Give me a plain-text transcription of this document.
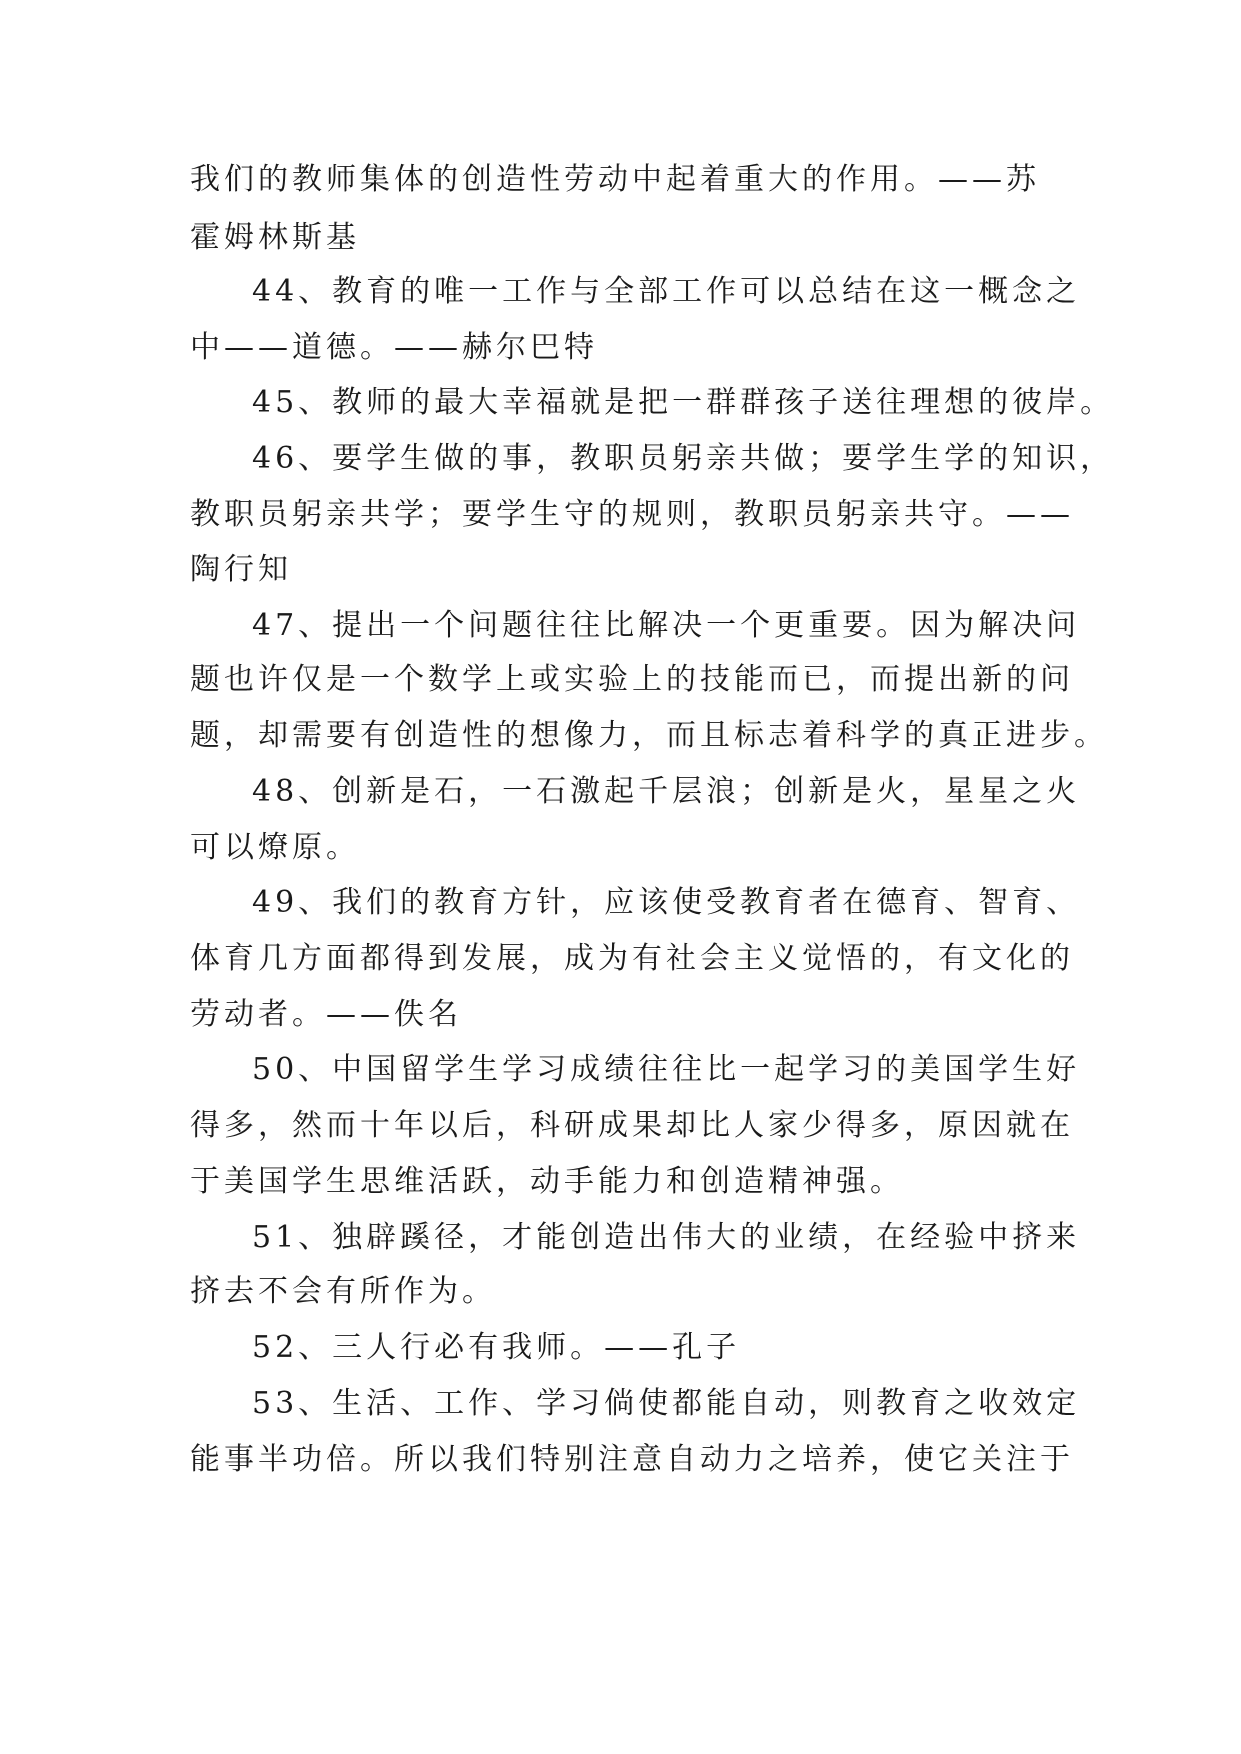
我们的教师集体的创造性劳动中起着重大的作用。——苏
霍姆林斯基
44、教育的唯一工作与全部工作可以总结在这一概念之
中——道德。——赫尔巴特
45、教师的最大幸福就是把一群群孩子送往理想的彼岸。
46、要学生做的事，教职员躬亲共做；要学生学的知识，
教职员躬亲共学；要学生守的规则，教职员躬亲共守。——
陶行知
47、提出一个问题往往比解决一个更重要。因为解决问
题也许仅是一个数学上或实验上的技能而已，而提出新的问
题，却需要有创造性的想像力，而且标志着科学的真正进步。
48、创新是石，一石激起千层浪；创新是火，星星之火
可以燎原。
49、我们的教育方针，应该使受教育者在德育、智育、
体育几方面都得到发展，成为有社会主义觉悟的，有文化的
劳动者。——佚名
50、中国留学生学习成绩往往比一起学习的美国学生好
得多，然而十年以后，科研成果却比人家少得多，原因就在
于美国学生思维活跃，动手能力和创造精神强。
51、独辟蹊径，才能创造出伟大的业绩，在经验中挤来
挤去不会有所作为。
52、三人行必有我师。——孔子
53、生活、工作、学习倘使都能自动，则教育之收效定
能事半功倍。所以我们特别注意自动力之培养，使它关注于
